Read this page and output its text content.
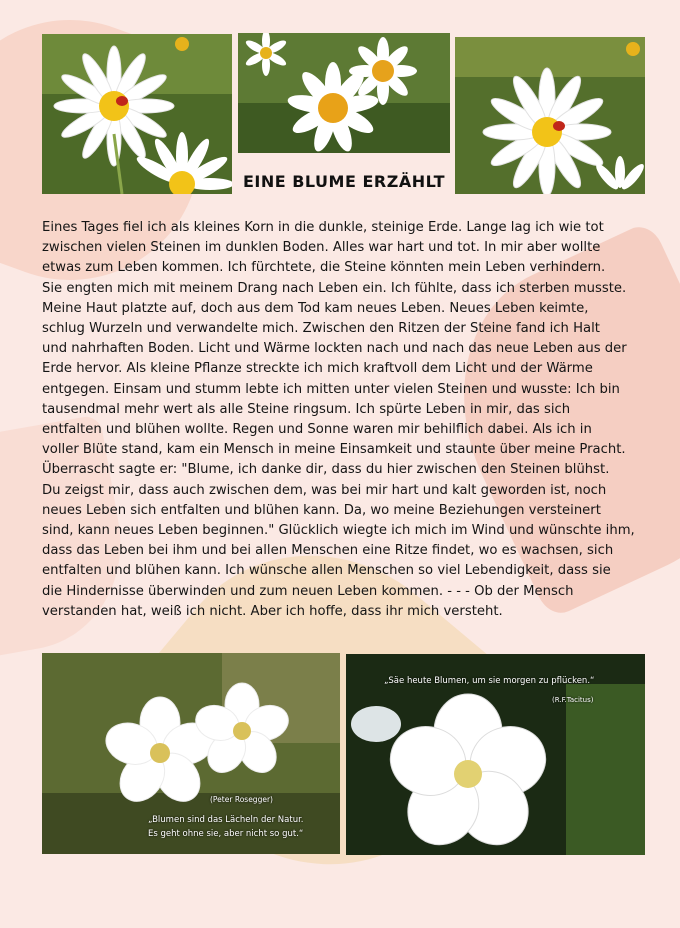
EINE BLUME ERZÄHLT

Eines Tages fiel ich als kleines Korn in die dunkle, steinige Erde. Lange lag ich wie tot
zwischen vielen Steinen im dunklen Boden. Alles war hart und tot. In mir aber wollte
etwas zum Leben kommen. Ich fürchtete, die Steine könnten mein Leben verhindern.
Sie engten mich mit meinem Drang nach Leben ein. Ich fühlte, dass ich sterben musste.
Meine Haut platzte auf, doch aus dem Tod kam neues Leben. Neues Leben keimte,
schlug Wurzeln und verwandelte mich. Zwischen den Ritzen der Steine fand ich Halt
und nahrhaften Boden. Licht und Wärme lockten nach und nach das neue Leben aus der
Erde hervor. Als kleine Pflanze streckte ich mich kraftvoll dem Licht und der Wärme
entgegen. Einsam und stumm lebte ich mitten unter vielen Steinen und wusste: Ich bin
tausendmal mehr wert als alle Steine ringsum. Ich spürte Leben in mir, das sich
entfalten und blühen wollte. Regen und Sonne waren mir behilflich dabei. Als ich in
voller Blüte stand, kam ein Mensch in meine Einsamkeit und staunte über meine Pracht.
Überrascht sagte er: "Blume, ich danke dir, dass du hier zwischen den Steinen blühst.
Du zeigst mir, dass auch zwischen dem, was bei mir hart und kalt geworden ist, noch
neues Leben sich entfalten und blühen kann. Da, wo meine Beziehungen versteinert
sind, kann neues Leben beginnen." Glücklich wiegte ich mich im Wind und wünschte ihm,
dass das Leben bei ihm und bei allen Menschen eine Ritze findet, wo es wachsen, sich
entfalten und blühen kann. Ich wünsche allen Menschen so viel Lebendigkeit, dass sie
die Hindernisse überwinden und zum neuen Leben kommen. - - - Ob der Mensch
verstanden hat, weiß ich nicht. Aber ich hoffe, dass ihr mich versteht.

(Peter Rosegger)
„Blumen sind das Lächeln der Natur.
Es geht ohne sie, aber nicht so gut.“
„Säe heute Blumen, um sie morgen zu pflücken.“
(R.F.Tacitus)
